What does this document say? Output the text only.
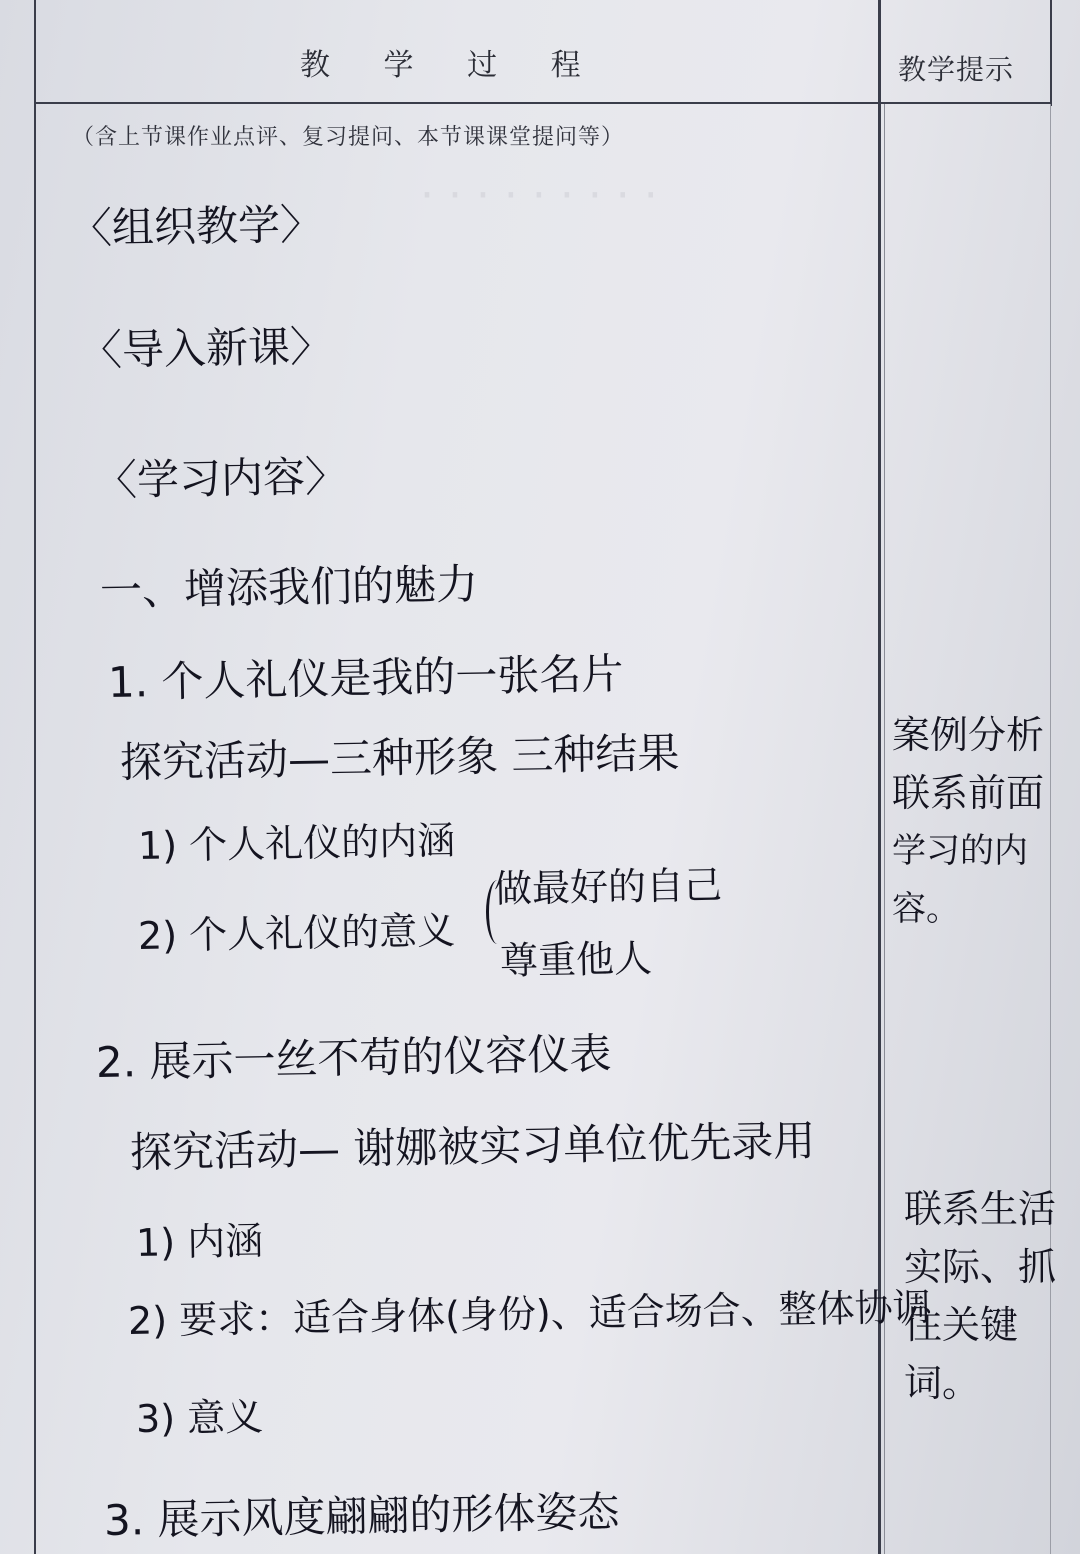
· · · · · · · · ·
教 学 过 程	教学提示
（含上节课作业点评、复习提问、本节课课堂提问等）
〈组织教学〉
〈导入新课〉
〈学习内容〉
一、增添我们的魅力
1. 个人礼仪是我的一张名片
探究活动—三种形象 三种结果
1) 个人礼仪的内涵
2) 个人礼仪的意义
做最好的自己
尊重他人
2. 展示一丝不苟的仪容仪表
探究活动— 谢娜被实习单位优先录用
1) 内涵
2) 要求：适合身体(身份)、适合场合、整体协调
3) 意义
3. 展示风度翩翩的形体姿态
案例分析
联系前面
学习的内容。
联系生活
实际、抓
住关键
词。
